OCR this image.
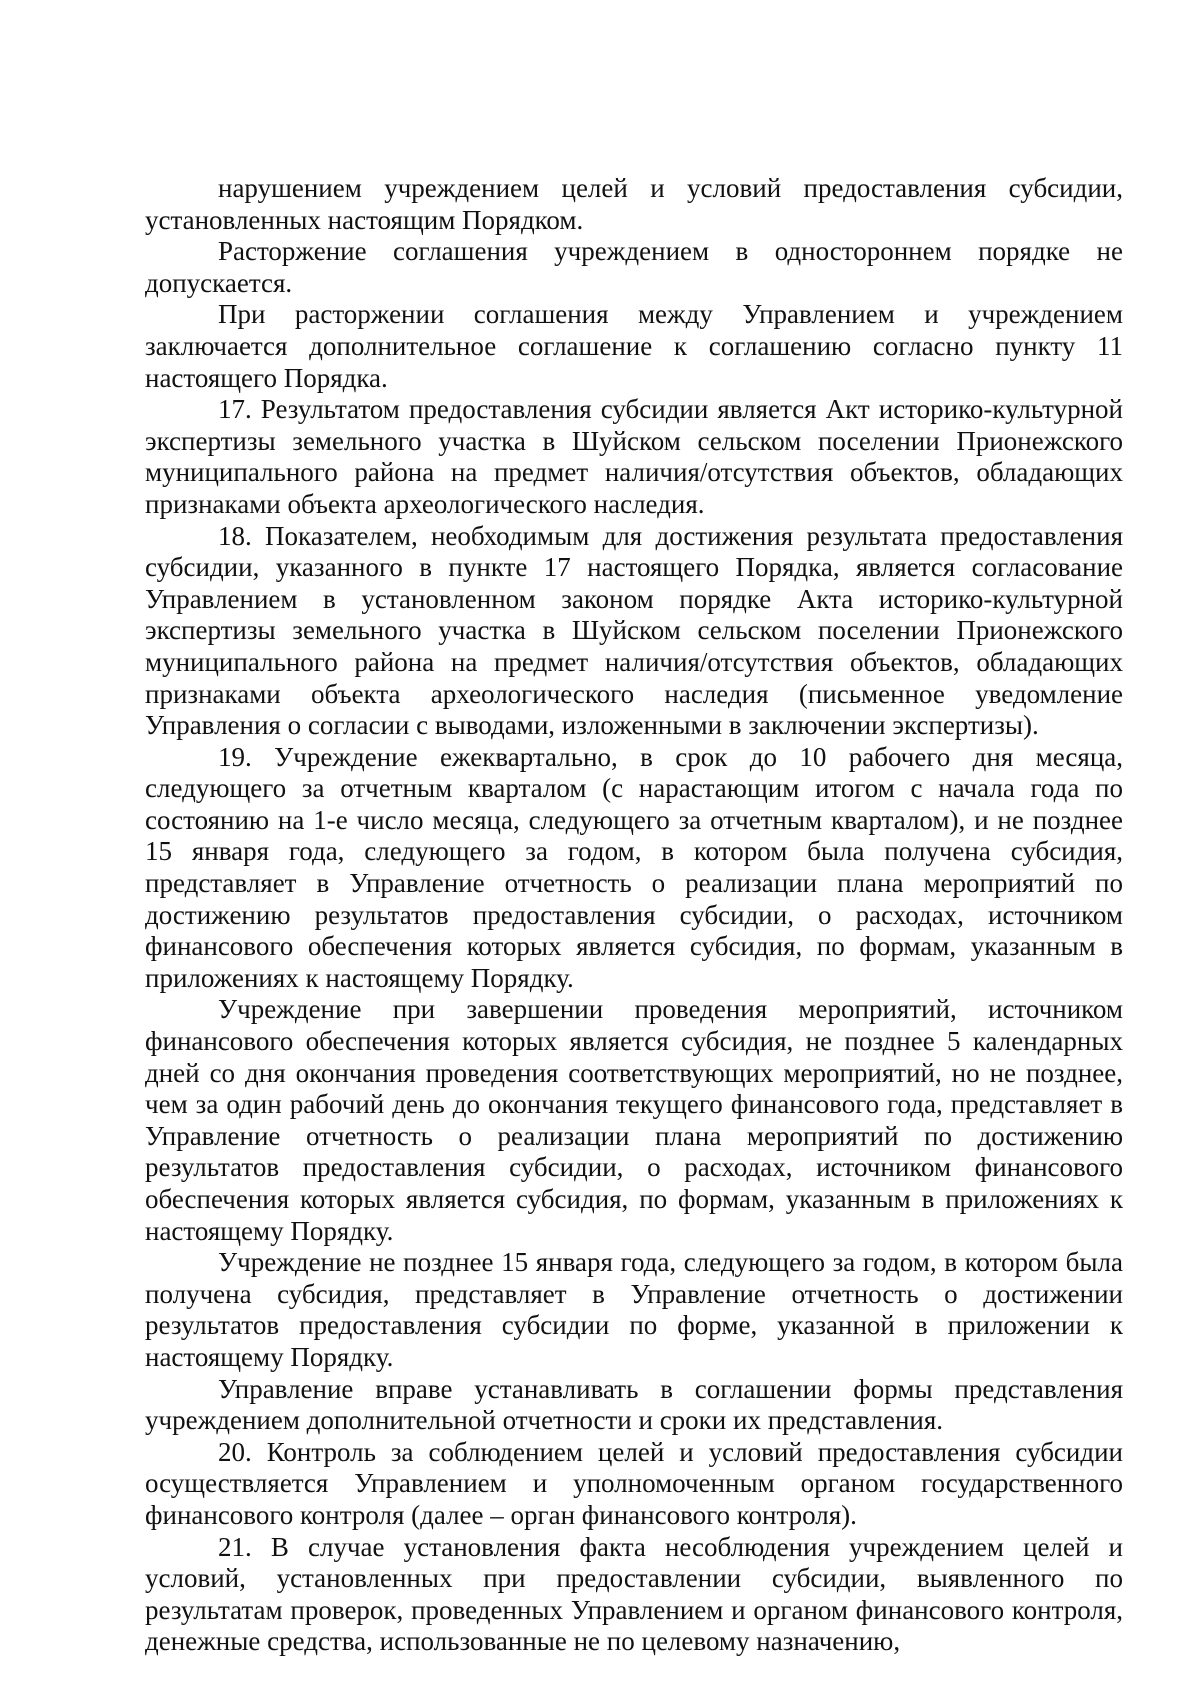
нарушением учреждением целей и условий предоставления субсидии, установленных настоящим Порядком.

Расторжение соглашения учреждением в одностороннем порядке не допускается.

При расторжении соглашения между Управлением и учреждением заключается дополнительное соглашение к соглашению согласно пункту 11 настоящего Порядка.

17. Результатом предоставления субсидии является Акт историко-культурной экспертизы земельного участка в Шуйском сельском поселении Прионежского муниципального района на предмет наличия/отсутствия объектов, обладающих признаками объекта археологического наследия.

18. Показателем, необходимым для достижения результата предоставления субсидии, указанного в пункте 17 настоящего Порядка, является согласование Управлением в установленном законом порядке Акта историко-культурной экспертизы земельного участка в Шуйском сельском поселении Прионежского муниципального района на предмет наличия/отсутствия объектов, обладающих признаками объекта археологического наследия (письменное уведомление Управления о согласии с выводами, изложенными в заключении экспертизы).

19. Учреждение ежеквартально, в срок до 10 рабочего дня месяца, следующего за отчетным кварталом (с нарастающим итогом с начала года по состоянию на 1-е число месяца, следующего за отчетным кварталом), и не позднее 15 января года, следующего за годом, в котором была получена субсидия, представляет в Управление отчетность о реализации плана мероприятий по достижению результатов предоставления субсидии, о расходах, источником финансового обеспечения которых является субсидия, по формам, указанным в приложениях к настоящему Порядку.

Учреждение при завершении проведения мероприятий, источником финансового обеспечения которых является субсидия, не позднее 5 календарных дней со дня окончания проведения соответствующих мероприятий, но не позднее, чем за один рабочий день до окончания текущего финансового года, представляет в Управление отчетность о реализации плана мероприятий по достижению результатов предоставления субсидии, о расходах, источником финансового обеспечения которых является субсидия, по формам, указанным в приложениях к настоящему Порядку.

Учреждение не позднее 15 января года, следующего за годом, в котором была получена субсидия, представляет в Управление отчетность о достижении результатов предоставления субсидии по форме, указанной в приложении к настоящему Порядку.

Управление вправе устанавливать в соглашении формы представления учреждением дополнительной отчетности и сроки их представления.

20. Контроль за соблюдением целей и условий предоставления субсидии осуществляется Управлением и уполномоченным органом государственного финансового контроля (далее – орган финансового контроля).

21. В случае установления факта несоблюдения учреждением целей и условий, установленных при предоставлении субсидии, выявленного по результатам проверок, проведенных Управлением и органом финансового контроля, денежные средства, использованные не по целевому назначению,
